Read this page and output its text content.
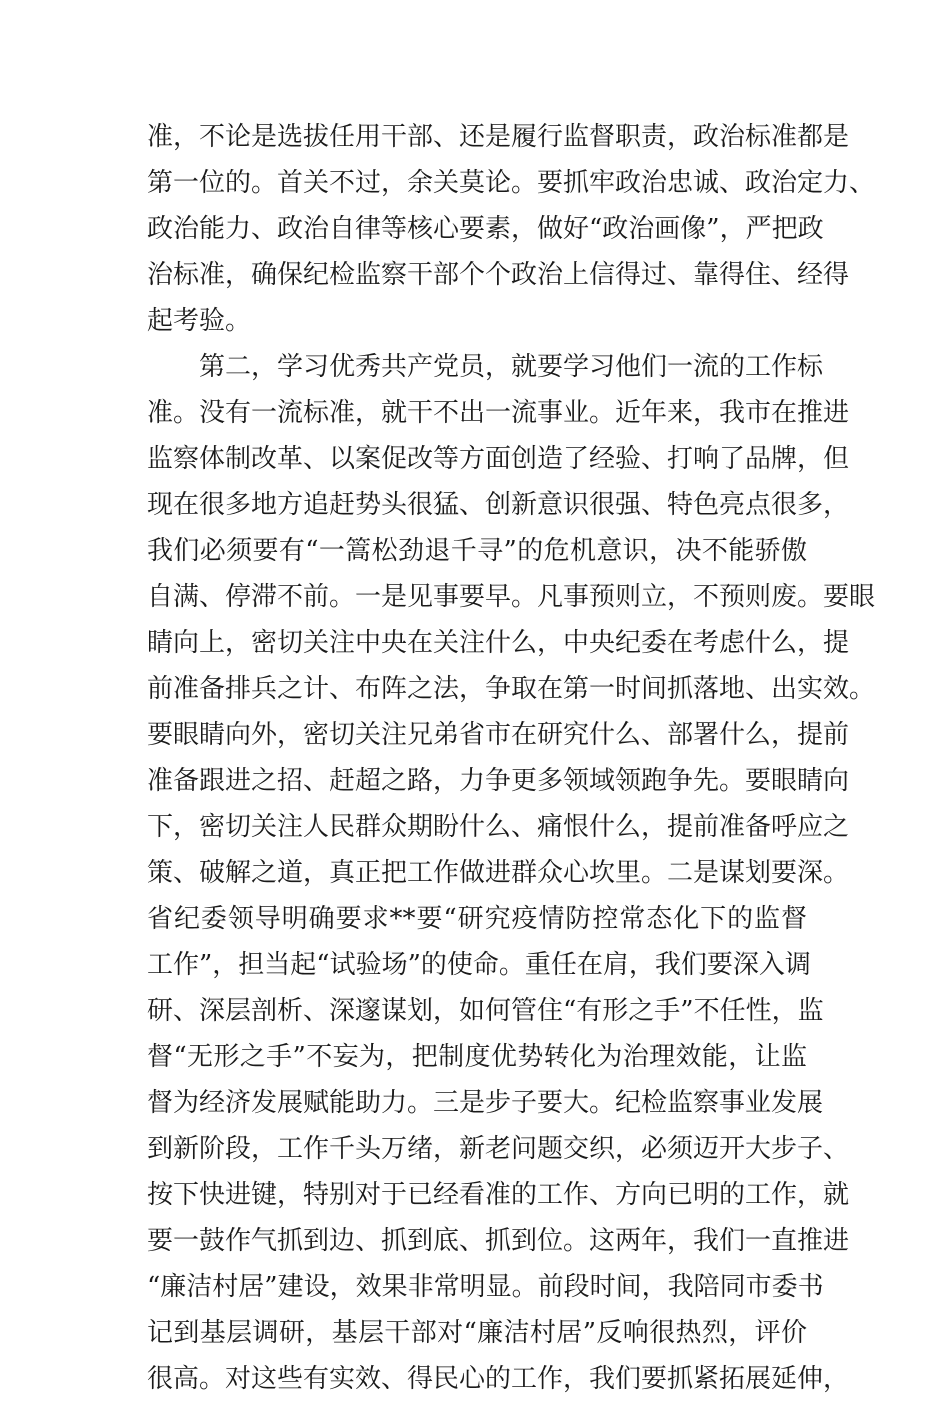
准，不论是选拔任用干部、还是履行监督职责，政治标准都是
第一位的。首关不过，余关莫论。要抓牢政治忠诚、政治定力、
政治能力、政治自律等核心要素，做好“政治画像”，严把政
治标准，确保纪检监察干部个个政治上信得过、靠得住、经得
起考验。
第二，学习优秀共产党员，就要学习他们一流的工作标
准。没有一流标准，就干不出一流事业。近年来，我市在推进
监察体制改革、以案促改等方面创造了经验、打响了品牌，但
现在很多地方追赶势头很猛、创新意识很强、特色亮点很多，
我们必须要有“一篙松劲退千寻”的危机意识，决不能骄傲
自满、停滞不前。一是见事要早。凡事预则立，不预则废。要眼
睛向上，密切关注中央在关注什么，中央纪委在考虑什么，提
前准备排兵之计、布阵之法，争取在第一时间抓落地、出实效。
要眼睛向外，密切关注兄弟省市在研究什么、部署什么，提前
准备跟进之招、赶超之路，力争更多领域领跑争先。要眼睛向
下，密切关注人民群众期盼什么、痛恨什么，提前准备呼应之
策、破解之道，真正把工作做进群众心坎里。二是谋划要深。
省纪委领导明确要求**要“研究疫情防控常态化下的监督
工作”，担当起“试验场”的使命。重任在肩，我们要深入调
研、深层剖析、深邃谋划，如何管住“有形之手”不任性，监
督“无形之手”不妄为，把制度优势转化为治理效能，让监
督为经济发展赋能助力。三是步子要大。纪检监察事业发展
到新阶段，工作千头万绪，新老问题交织，必须迈开大步子、
按下快进键，特别对于已经看准的工作、方向已明的工作，就
要一鼓作气抓到边、抓到底、抓到位。这两年，我们一直推进
“廉洁村居”建设，效果非常明显。前段时间，我陪同市委书
记到基层调研，基层干部对“廉洁村居”反响很热烈，评价
很高。对这些有实效、得民心的工作，我们要抓紧拓展延伸，
